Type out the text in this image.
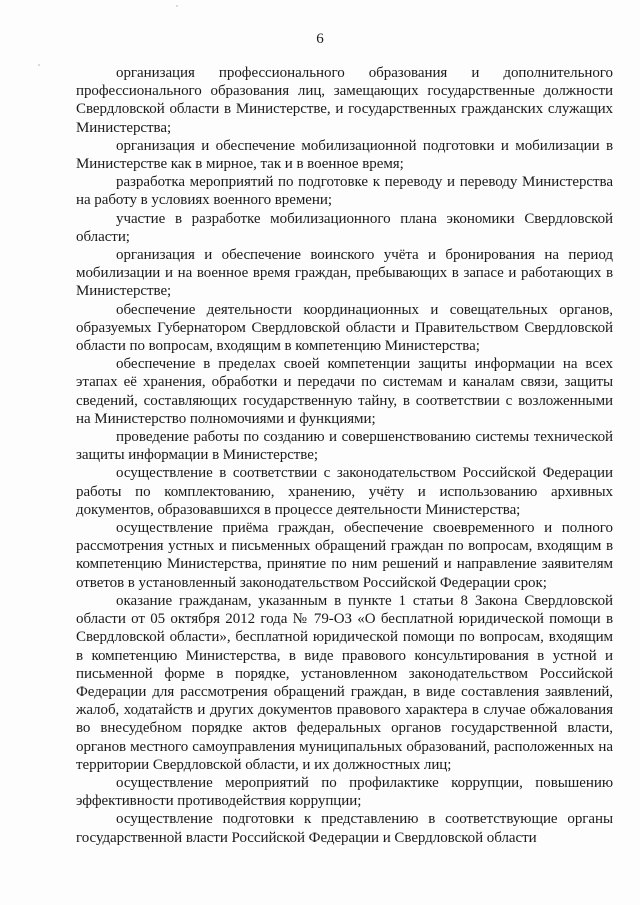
6

организация профессионального образования и дополнительного профессионального образования лиц, замещающих государственные должности Свердловской области в Министерстве, и государственных гражданских служащих Министерства;

организация и обеспечение мобилизационной подготовки и мобилизации в Министерстве как в мирное, так и в военное время;

разработка мероприятий по подготовке к переводу и переводу Министерства на работу в условиях военного времени;

участие в разработке мобилизационного плана экономики Свердловской области;

организация и обеспечение воинского учёта и бронирования на период мобилизации и на военное время граждан, пребывающих в запасе и работающих в Министерстве;

обеспечение деятельности координационных и совещательных органов, образуемых Губернатором Свердловской области и Правительством Свердловской области по вопросам, входящим в компетенцию Министерства;

обеспечение в пределах своей компетенции защиты информации на всех этапах её хранения, обработки и передачи по системам и каналам связи, защиты сведений, составляющих государственную тайну, в соответствии с возложенными на Министерство полномочиями и функциями;

проведение работы по созданию и совершенствованию системы технической защиты информации в Министерстве;

осуществление в соответствии с законодательством Российской Федерации работы по комплектованию, хранению, учёту и использованию архивных документов, образовавшихся в процессе деятельности Министерства;

осуществление приёма граждан, обеспечение своевременного и полного рассмотрения устных и письменных обращений граждан по вопросам, входящим в компетенцию Министерства, принятие по ним решений и направление заявителям ответов в установленный законодательством Российской Федерации срок;

оказание гражданам, указанным в пункте 1 статьи 8 Закона Свердловской области от 05 октября 2012 года № 79-ОЗ «О бесплатной юридической помощи в Свердловской области», бесплатной юридической помощи по вопросам, входящим в компетенцию Министерства, в виде правового консультирования в устной и письменной форме в порядке, установленном законодательством Российской Федерации для рассмотрения обращений граждан, в виде составления заявлений, жалоб, ходатайств и других документов правового характера в случае обжалования во внесудебном порядке актов федеральных органов государственной власти, органов местного самоуправления муниципальных образований, расположенных на территории Свердловской области, и их должностных лиц;

осуществление мероприятий по профилактике коррупции, повышению эффективности противодействия коррупции;

осуществление подготовки к представлению в соответствующие органы государственной власти Российской Федерации и Свердловской области
